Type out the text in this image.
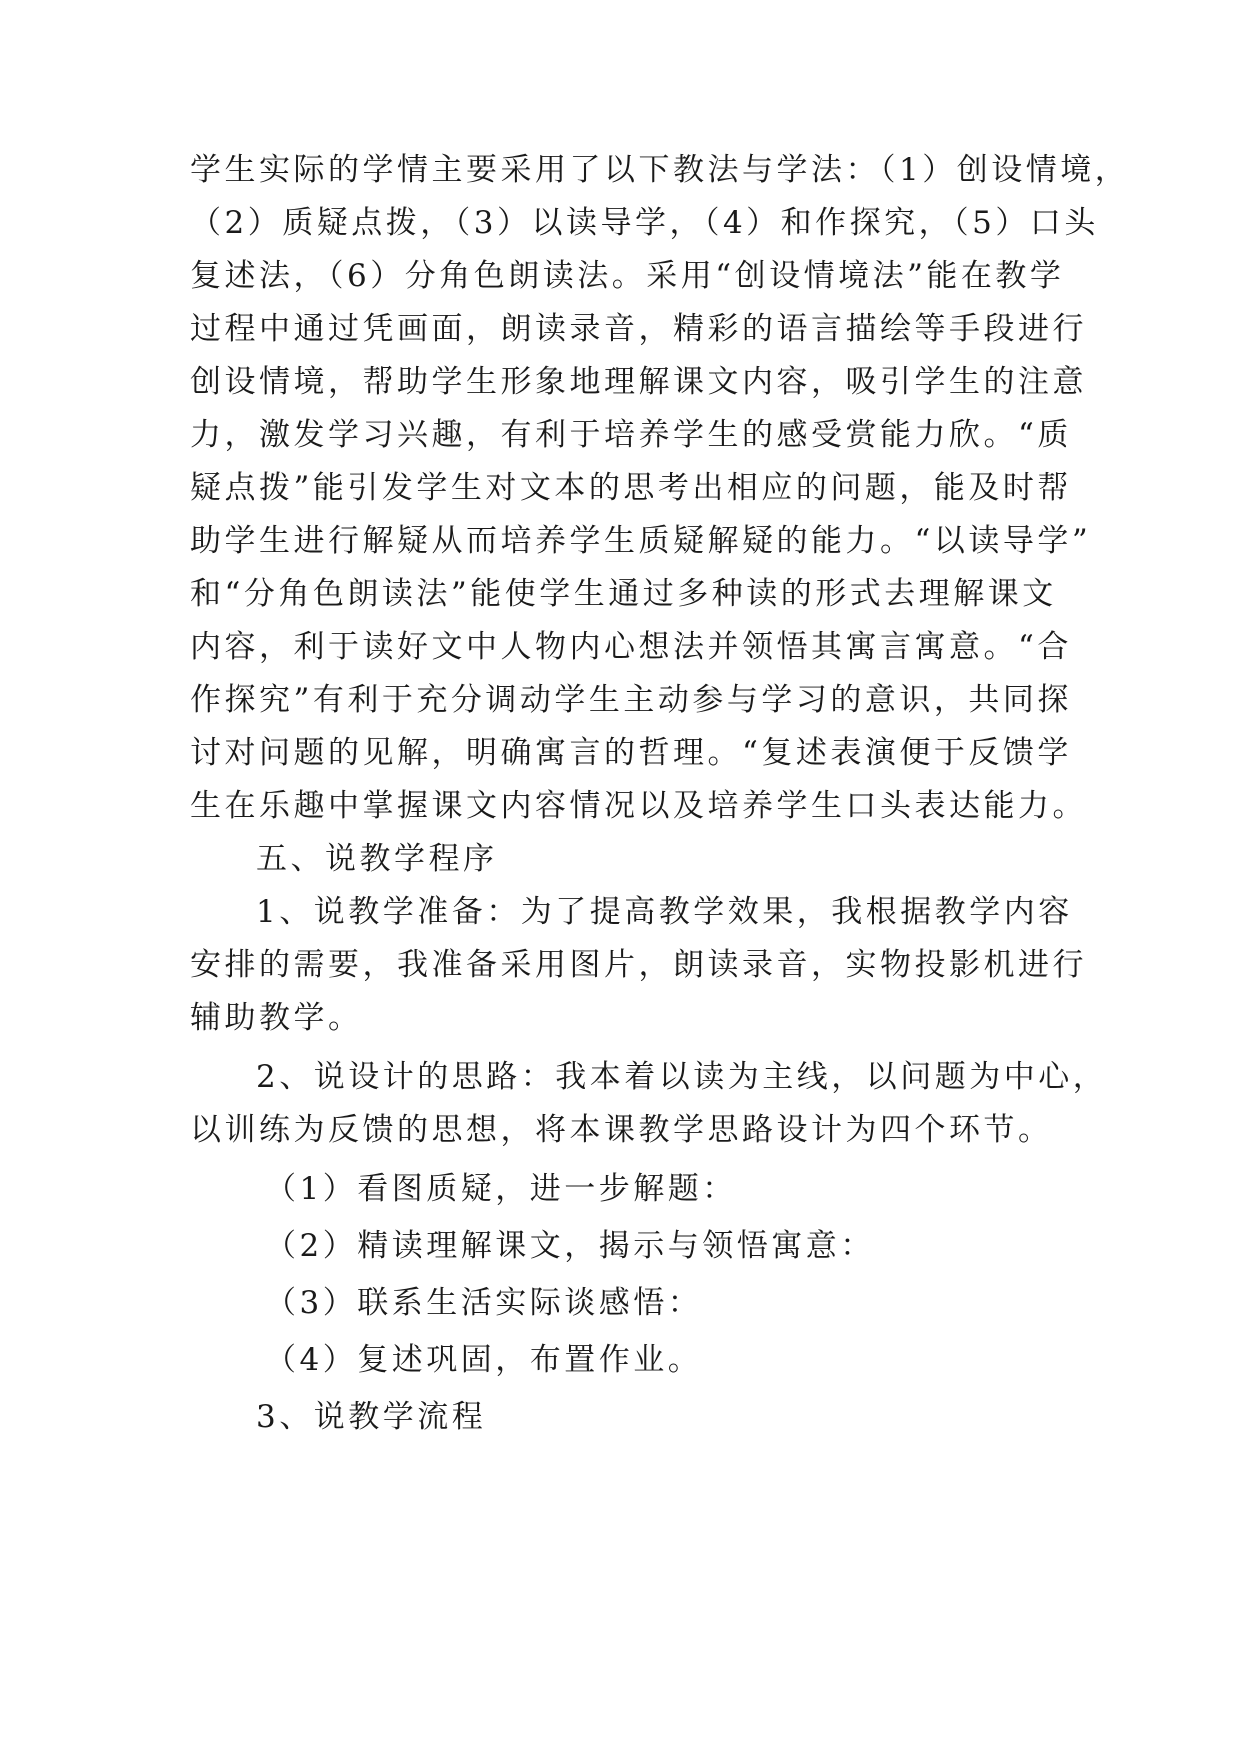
学生实际的学情主要采用了以下教法与学法：（1）创设情境，
（2）质疑点拨，（3）以读导学，（4）和作探究，（5）口头
复述法，（6）分角色朗读法。采用“创设情境法”能在教学
过程中通过凭画面，朗读录音，精彩的语言描绘等手段进行
创设情境，帮助学生形象地理解课文内容，吸引学生的注意
力，激发学习兴趣，有利于培养学生的感受赏能力欣。“质
疑点拨”能引发学生对文本的思考出相应的问题，能及时帮
助学生进行解疑从而培养学生质疑解疑的能力。“以读导学”
和“分角色朗读法”能使学生通过多种读的形式去理解课文
内容，利于读好文中人物内心想法并领悟其寓言寓意。“合
作探究”有利于充分调动学生主动参与学习的意识，共同探
讨对问题的见解，明确寓言的哲理。“复述表演便于反馈学
生在乐趣中掌握课文内容情况以及培养学生口头表达能力。
五、说教学程序
1、说教学准备：为了提高教学效果，我根据教学内容
安排的需要，我准备采用图片，朗读录音，实物投影机进行
辅助教学。
2、说设计的思路：我本着以读为主线，以问题为中心，
以训练为反馈的思想，将本课教学思路设计为四个环节。
（1）看图质疑，进一步解题：
（2）精读理解课文，揭示与领悟寓意：
（3）联系生活实际谈感悟：
（4）复述巩固，布置作业。
3、说教学流程
